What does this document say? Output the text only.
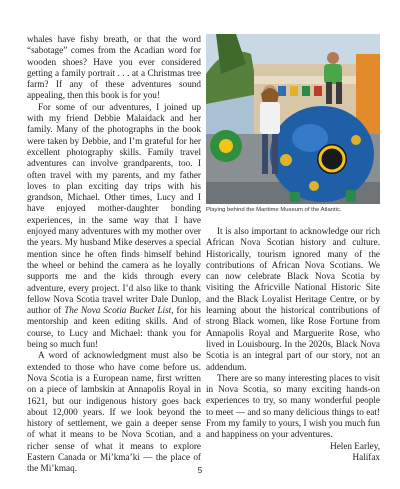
whales have fishy breath, or that the word “sabotage” comes from the Acadian word for wooden shoes? Have you ever considered getting a family portrait . . . at a Christmas tree farm? If any of these adventures sound appealing, then this book is for you!

For some of our adventures, I joined up with my friend Debbie Malaidack and her family. Many of the photographs in the book were taken by Debbie, and I’m grateful for her excellent photography skills. Family travel adventures can involve grandparents, too. I often travel with my parents, and my father loves to plan exciting day trips with his grandson, Michael. Other times, Lucy and I have enjoyed mother-daughter bonding experiences, in the same way that I have enjoyed many adventures with my mother over the years. My husband Mike deserves a special mention since he often finds himself behind the wheel or behind the camera as he loyally supports me and the kids through every adventure, every project. I’d also like to thank fellow Nova Scotia travel writer Dale Dunlop, author of The Nova Scotia Bucket List, for his mentorship and keen editing skills. And of course, to Lucy and Michael: thank you for being so much fun!

A word of acknowledgment must also be extended to those who have come before us. Nova Scotia is a European name, first written on a piece of lambskin at Annapolis Royal in 1621, but our indigenous history goes back about 12,000 years. If we look beyond the history of settlement, we gain a deeper sense of what it means to be Nova Scotian, and a richer sense of what it means to explore Eastern Canada or Mi’kma’ki — the place of the Mi’kmaq.

Playing behind the Maritime Museum of the Atlantic.

It is also important to acknowledge our rich African Nova Scotian history and culture. Historically, tourism ignored many of the contributions of African Nova Scotians. We can now celebrate Black Nova Scotia by visiting the Africville National Historic Site and the Black Loyalist Heritage Centre, or by learning about the historical contributions of strong Black women, like Rose Fortune from Annapolis Royal and Marguerite Rose, who lived in Louisbourg. In the 2020s, Black Nova Scotia is an integral part of our story, not an addendum.

There are so many interesting places to visit in Nova Scotia, so many exciting hands-on experiences to try, so many wonderful people to meet — and so many delicious things to eat! From my family to yours, I wish you much fun and happiness on your adventures.

Helen Earley,

Halifax

5
